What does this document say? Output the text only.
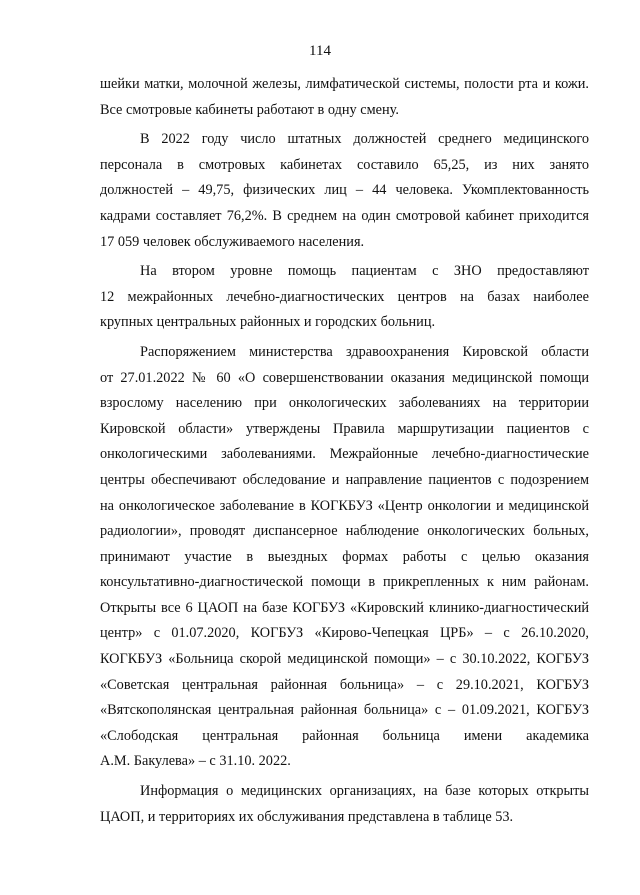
114

шейки матки, молочной железы, лимфатической системы, полости рта и кожи.
Все смотровые кабинеты работают в одну смену.

В 2022 году число штатных должностей среднего медицинского
персонала в смотровых кабинетах составило 65,25, из них занято
должностей – 49,75, физических лиц – 44 человека. Укомплектованность
кадрами составляет 76,2%. В среднем на один смотровой кабинет приходится
17 059 человек обслуживаемого населения.

На втором уровне помощь пациентам с ЗНО предоставляют
12 межрайонных лечебно-диагностических центров на базах наиболее
крупных центральных районных и городских больниц.

Распоряжением министерства здравоохранения Кировской области
от 27.01.2022 № 60 «О совершенствовании оказания медицинской помощи
взрослому населению при онкологических заболеваниях на территории
Кировской области» утверждены Правила маршрутизации пациентов с
онкологическими заболеваниями. Межрайонные лечебно-диагностические
центры обеспечивают обследование и направление пациентов с подозрением
на онкологическое заболевание в КОГКБУЗ «Центр онкологии и медицинской
радиологии», проводят диспансерное наблюдение онкологических больных,
принимают участие в выездных формах работы с целью оказания
консультативно-диагностической помощи в прикрепленных к ним районам.
Открыты все 6 ЦАОП на базе КОГБУЗ «Кировский клинико-диагностический
центр» с 01.07.2020, КОГБУЗ «Кирово-Чепецкая ЦРБ» – с 26.10.2020,
КОГКБУЗ «Больница скорой медицинской помощи» – с 30.10.2022, КОГБУЗ
«Советская центральная районная больница» – с 29.10.2021, КОГБУЗ
«Вятскополянская центральная районная больница» с – 01.09.2021, КОГБУЗ
«Слободская центральная районная больница имени академика
А.М. Бакулева» – с 31.10. 2022.

Информация о медицинских организациях, на базе которых открыты
ЦАОП, и территориях их обслуживания представлена в таблице 53.
